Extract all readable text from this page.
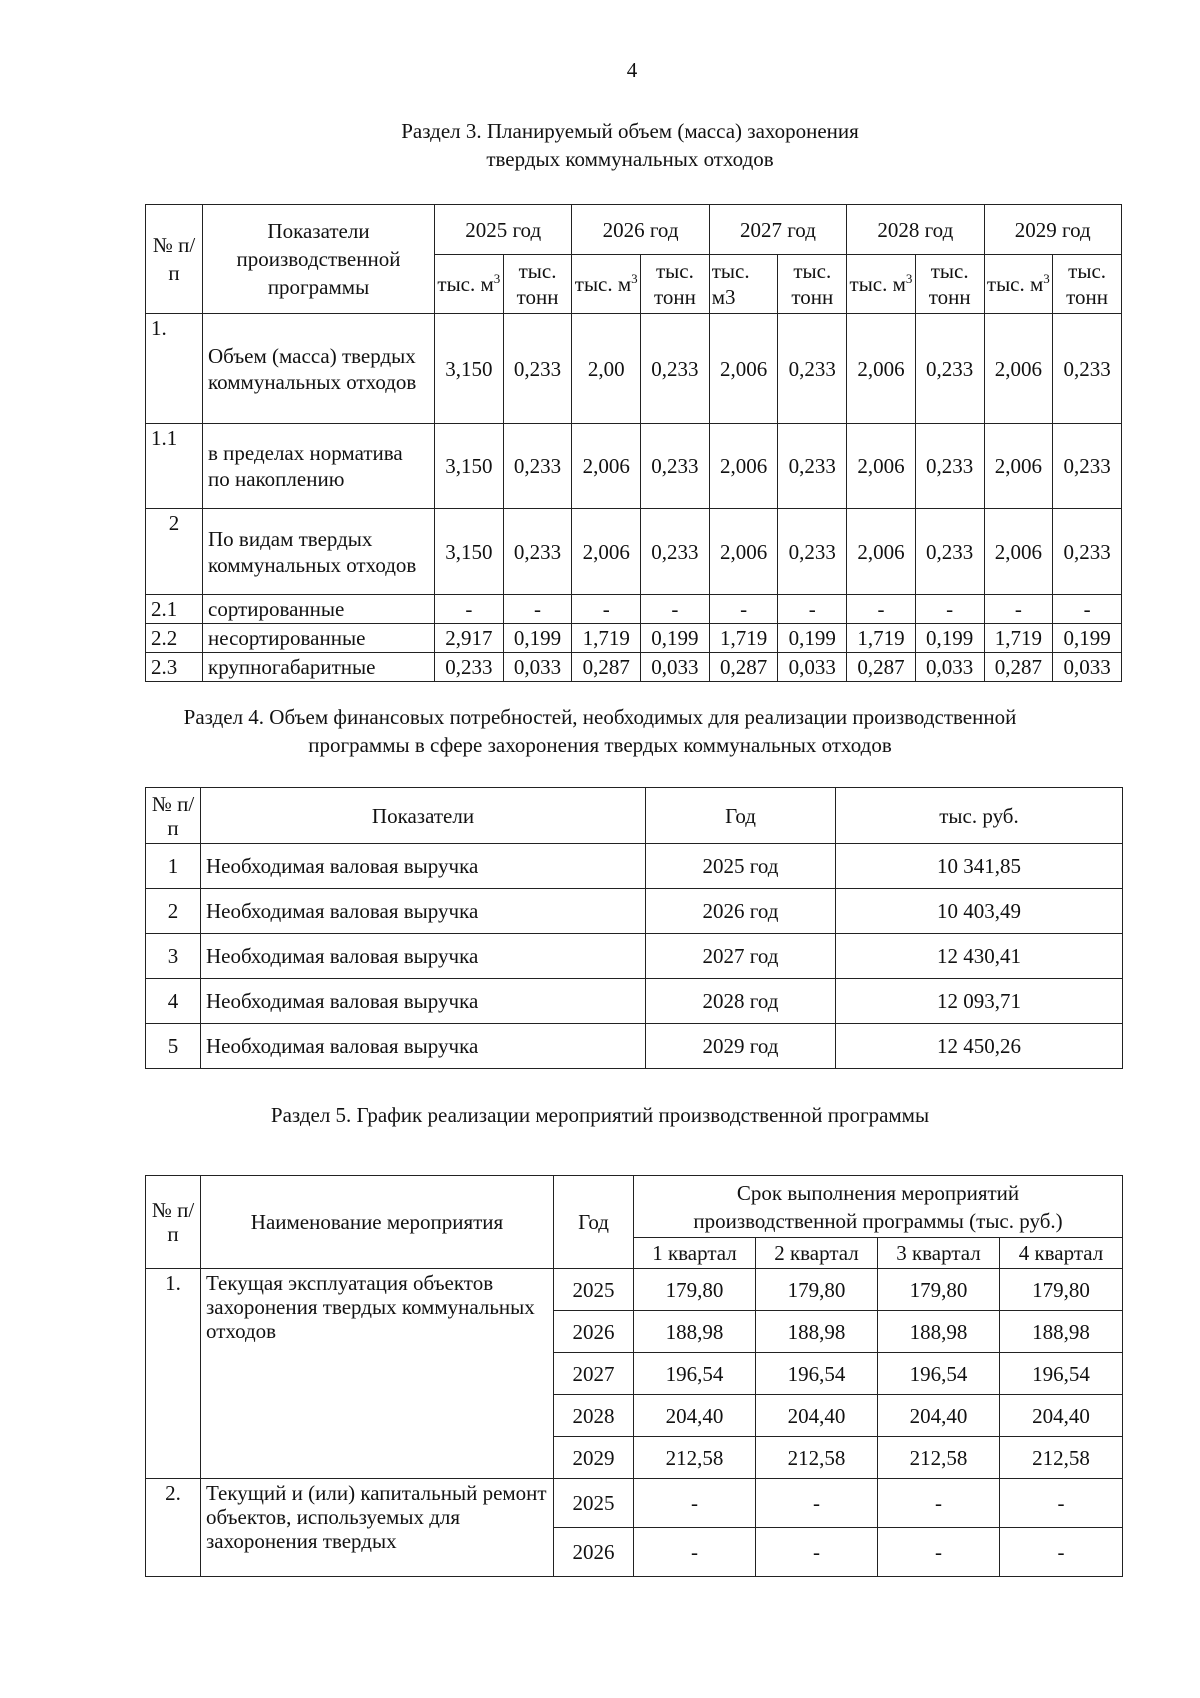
4
Раздел 3. Планируемый объем (масса) захоронения
твердых коммунальных отходов
№ п/п	Показатели производственной программы	2025 год		2026 год		2027 год		2028 год		2029 год	
		тыс. $м^3$	тыс. тонн	тыс. $м^3$	тыс. тонн	тыс. м3	тыс. тонн	тыс. $м^3$	тыс. тонн	тыс. $м^3$	тыс. тонн
1.	Объем (масса) твердых коммунальных отходов	3,150	0,233	2,00	0,233	2,006	0,233	2,006	0,233	2,006	0,233
1.1	в пределах норматива по накоплению	3,150	0,233	2,006	0,233	2,006	0,233	2,006	0,233	2,006	0,233
2	По видам твердых коммунальных отходов	3,150	0,233	2,006	0,233	2,006	0,233	2,006	0,233	2,006	0,233
2.1	сортированные	-	-	-	-	-	-	-	-	-	-
2.2	несортированные	2,917	0,199	1,719	0,199	1,719	0,199	1,719	0,199	1,719	0,199
2.3	крупногабаритные	0,233	0,033	0,287	0,033	0,287	0,033	0,287	0,033	0,287	0,033
Раздел 4. Объем финансовых потребностей, необходимых для реализации производственной
программы в сфере захоронения твердых коммунальных отходов
№ п/п	Показатели	Год	тыс. руб.
1	Необходимая валовая выручка	2025 год	10 341,85
2	Необходимая валовая выручка	2026 год	10 403,49
3	Необходимая валовая выручка	2027 год	12 430,41
4	Необходимая валовая выручка	2028 год	12 093,71
5	Необходимая валовая выручка	2029 год	12 450,26
Раздел 5. График реализации мероприятий производственной программы
№ п/п	Наименование мероприятия	Год	Срок выполнения мероприятий производственной программы (тыс. руб.)			
			1 квартал	2 квартал	3 квартал	4 квартал
1.	Текущая эксплуатация объектов захоронения твердых коммунальных отходов	2025	179,80	179,80	179,80	179,80
		2026	188,98	188,98	188,98	188,98
		2027	196,54	196,54	196,54	196,54
		2028	204,40	204,40	204,40	204,40
		2029	212,58	212,58	212,58	212,58
2.	Текущий и (или) капитальный ремонт объектов, используемых для захоронения твердых	2025	-	-	-	-
		2026	-	-	-	-
